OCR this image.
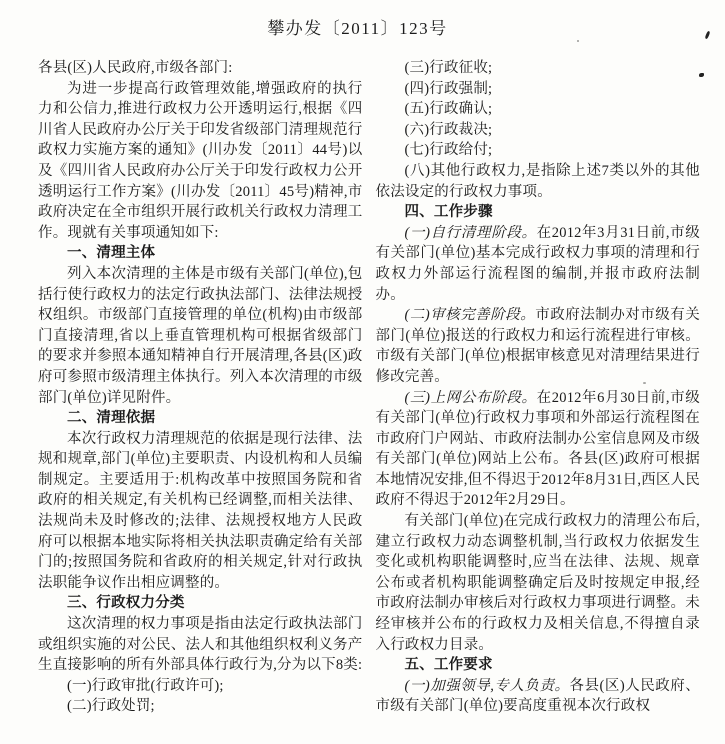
攀办发〔2011〕123号

各县(区)人民政府,市级各部门:

为进一步提高行政管理效能,增强政府的执行力和公信力,推进行政权力公开透明运行,根据《四川省人民政府办公厅关于印发省级部门清理规范行政权力实施方案的通知》(川办发〔2011〕44号)以及《四川省人民政府办公厅关于印发行政权力公开透明运行工作方案》(川办发〔2011〕45号)精神,市政府决定在全市组织开展行政机关行政权力清理工作。现就有关事项通知如下:

一、清理主体

列入本次清理的主体是市级有关部门(单位),包括行使行政权力的法定行政执法部门、法律法规授权组织。市级部门直接管理的单位(机构)由市级部门直接清理,省以上垂直管理机构可根据省级部门的要求并参照本通知精神自行开展清理,各县(区)政府可参照市级清理主体执行。列入本次清理的市级部门(单位)详见附件。

二、清理依据

本次行政权力清理规范的依据是现行法律、法规和规章,部门(单位)主要职责、内设机构和人员编制规定。主要适用于:机构改革中按照国务院和省政府的相关规定,有关机构已经调整,而相关法律、法规尚未及时修改的;法律、法规授权地方人民政府可以根据本地实际将相关执法职责确定给有关部门的;按照国务院和省政府的相关规定,针对行政执法职能争议作出相应调整的。

三、行政权力分类

这次清理的权力事项是指由法定行政执法部门或组织实施的对公民、法人和其他组织权利义务产生直接影响的所有外部具体行政行为,分为以下8类:

(一)行政审批(行政许可);

(二)行政处罚;

(三)行政征收;

(四)行政强制;

(五)行政确认;

(六)行政裁决;

(七)行政给付;

(八)其他行政权力,是指除上述7类以外的其他依法设定的行政权力事项。

四、工作步骤

(一)自行清理阶段。在2012年3月31日前,市级有关部门(单位)基本完成行政权力事项的清理和行政权力外部运行流程图的编制,并报市政府法制办。

(二)审核完善阶段。市政府法制办对市级有关部门(单位)报送的行政权力和运行流程进行审核。市级有关部门(单位)根据审核意见对清理结果进行修改完善。

(三)上网公布阶段。在2012年6月30日前,市级有关部门(单位)行政权力事项和外部运行流程图在市政府门户网站、市政府法制办公室信息网及市级有关部门(单位)网站上公布。各县(区)政府可根据本地情况安排,但不得迟于2012年8月31日,西区人民政府不得迟于2012年2月29日。

有关部门(单位)在完成行政权力的清理公布后,建立行政权力动态调整机制,当行政权力依据发生变化或机构职能调整时,应当在法律、法规、规章公布或者机构职能调整确定后及时按规定申报,经市政府法制办审核后对行政权力事项进行调整。未经审核并公布的行政权力及相关信息,不得擅自录入行政权力目录。

五、工作要求

(一)加强领导,专人负责。各县(区)人民政府、市级有关部门(单位)要高度重视本次行政权
